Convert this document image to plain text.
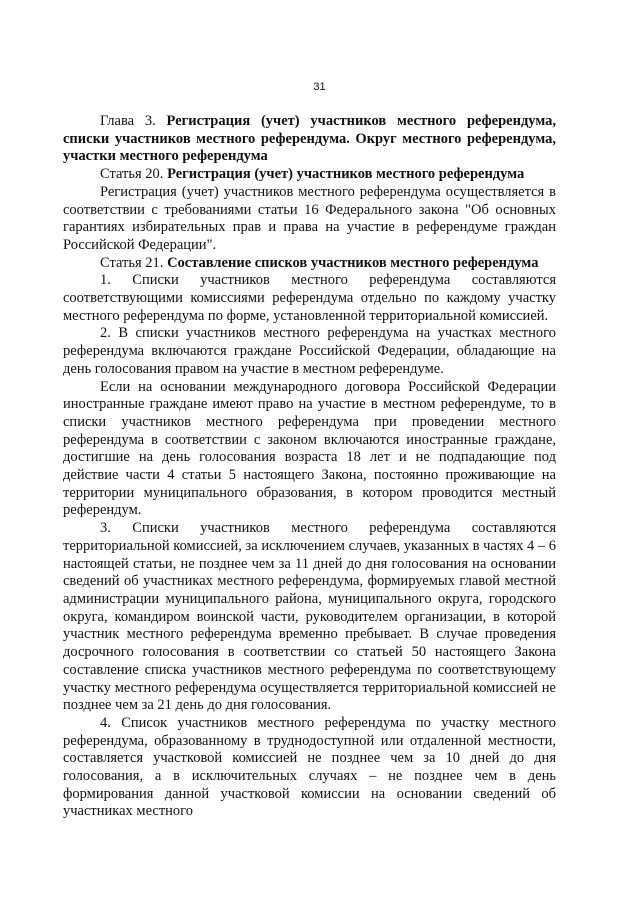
31

Глава 3. Регистрация (учет) участников местного референдума, списки участников местного референдума. Округ местного референдума, участки местного референдума

Статья 20. Регистрация (учет) участников местного референдума

Регистрация (учет) участников местного референдума осуществляется в соответствии с требованиями статьи 16 Федерального закона "Об основных гарантиях избирательных прав и права на участие в референдуме граждан Российской Федерации".

Статья 21. Составление списков участников местного референдума

1. Списки участников местного референдума составляются соответствующими комиссиями референдума отдельно по каждому участку местного референдума по форме, установленной территориальной комиссией.

2. В списки участников местного референдума на участках местного референдума включаются граждане Российской Федерации, обладающие на день голосования правом на участие в местном референдуме.

Если на основании международного договора Российской Федерации иностранные граждане имеют право на участие в местном референдуме, то в списки участников местного референдума при проведении местного референдума в соответствии с законом включаются иностранные граждане, достигшие на день голосования возраста 18 лет и не подпадающие под действие части 4 статьи 5 настоящего Закона, постоянно проживающие на территории муниципального образования, в котором проводится местный референдум.

3. Списки участников местного референдума составляются территориальной комиссией, за исключением случаев, указанных в частях 4 – 6 настоящей статьи, не позднее чем за 11 дней до дня голосования на основании сведений об участниках местного референдума, формируемых главой местной администрации муниципального района, муниципального округа, городского округа, командиром воинской части, руководителем организации, в которой участник местного референдума временно пребывает. В случае проведения досрочного голосования в соответствии со статьей 50 настоящего Закона составление списка участников местного референдума по соответствующему участку местного референдума осуществляется территориальной комиссией не позднее чем за 21 день до дня голосования.

4. Список участников местного референдума по участку местного референдума, образованному в труднодоступной или отдаленной местности, составляется участковой комиссией не позднее чем за 10 дней до дня голосования, а в исключительных случаях – не позднее чем в день формирования данной участковой комиссии на основании сведений об участниках местного
